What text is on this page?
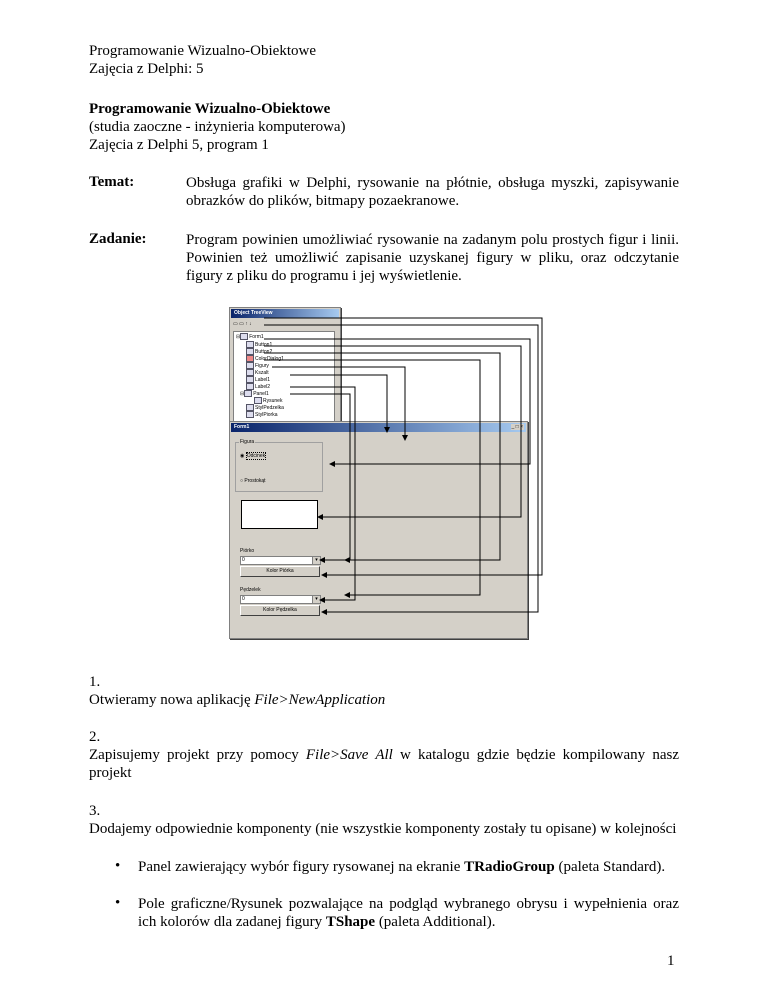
Programowanie Wizualno-Obiektowe
Zajęcia z Delphi: 5
Programowanie Wizualno-Obiektowe
(studia zaoczne - inżynieria komputerowa)
Zajęcia z Delphi 5, program 1
Temat:	Obsługa grafiki w Delphi, rysowanie na płótnie, obsługa myszki, zapisywanie obrazków do plików, bitmapy pozaekranowe.
Zadanie:	Program powinien umożliwiać rysowanie na zadanym polu prostych figur i linii. Powinien też umożliwić zapisanie uzyskanej figury w pliku, oraz odczytanie figury z pliku do programu i jej wyświetlenie.
Object TreeView
▭ ▭ ↑ ↓
⊟ Form1
Button1
Button2
ColorDialog1
Figury
Kszalt
Label1
Label2
⊟ Panel1
Rysunek
StylPedzelka
StylPiorka
Form1	_ □ ×
Figura
◉ Odcinek
○ Prostokąt
Piórko
0	▾
Kolor Piórka
Pędzelek
0	▾
Kolor Pędzelka
1.
Otwieramy nowa aplikację File>NewApplication
2.
Zapisujemy projekt przy pomocy File>Save All w katalogu gdzie będzie kompilowany nasz projekt
3.
Dodajemy odpowiednie komponenty (nie wszystkie komponenty zostały tu opisane) w kolejności
• Panel zawierający wybór figury rysowanej na ekranie TRadioGroup (paleta Standard).
• Pole graficzne/Rysunek pozwalające na podgląd wybranego obrysu i wypełnienia oraz ich kolorów dla zadanej figury TShape (paleta Additional).
1
